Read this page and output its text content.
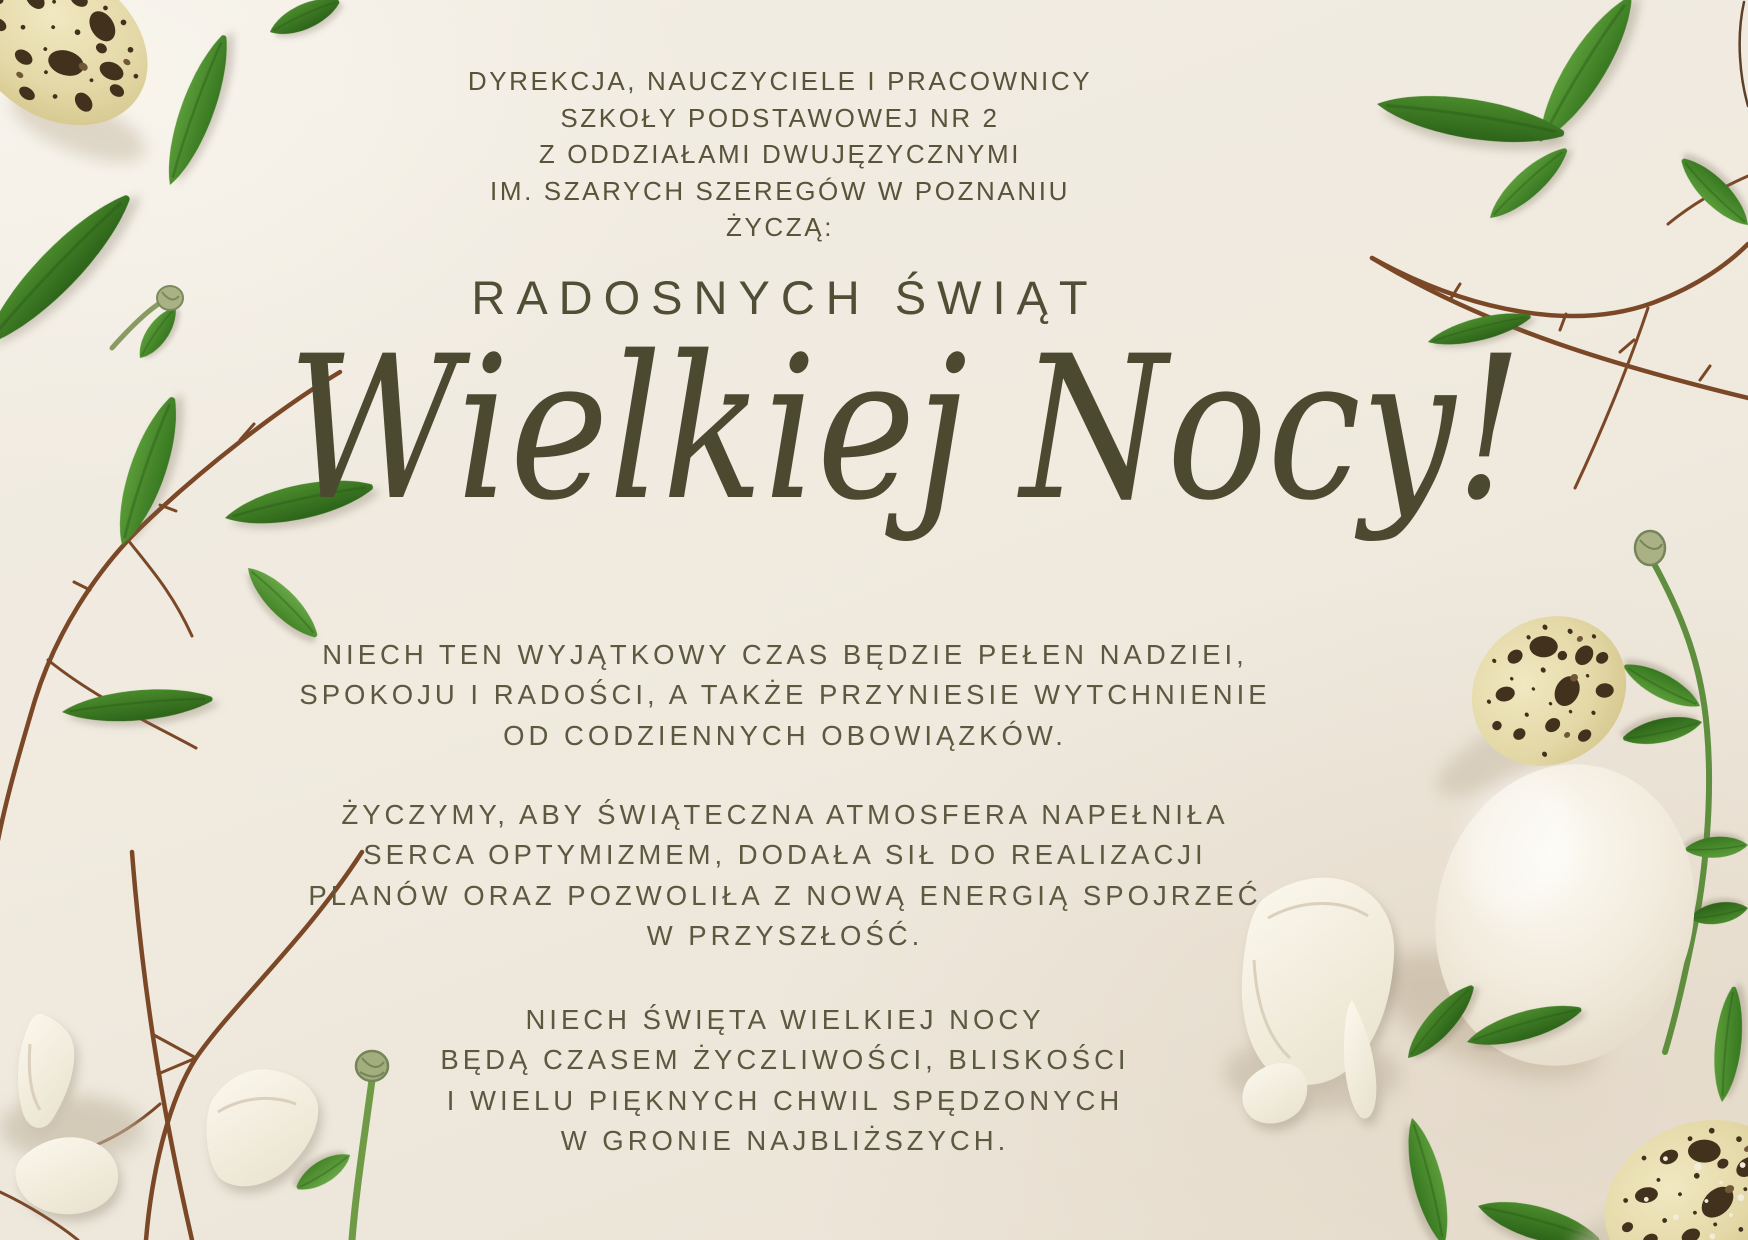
Wielkiej Nocy!
DYREKCJA, NAUCZYCIELE I PRACOWNICY
SZKOŁY PODSTAWOWEJ NR 2
Z ODDZIAŁAMI DWUJĘZYCZNYMI
IM. SZARYCH SZEREGÓW W POZNANIU
ŻYCZĄ:
RADOSNYCH ŚWIĄT
NIECH TEN WYJĄTKOWY CZAS BĘDZIE PEŁEN NADZIEI,
SPOKOJU I RADOŚCI, A TAKŻE PRZYNIESIE WYTCHNIENIE
OD CODZIENNYCH OBOWIĄZKÓW.
ŻYCZYMY, ABY ŚWIĄTECZNA ATMOSFERA NAPEŁNIŁA
SERCA OPTYMIZMEM, DODAŁA SIŁ DO REALIZACJI
PLANÓW ORAZ POZWOLIŁA Z NOWĄ ENERGIĄ SPOJRZEĆ
W PRZYSZŁOŚĆ.
NIECH ŚWIĘTA WIELKIEJ NOCY
BĘDĄ CZASEM ŻYCZLIWOŚCI, BLISKOŚCI
I WIELU PIĘKNYCH CHWIL SPĘDZONYCH
W GRONIE NAJBLIŻSZYCH.
